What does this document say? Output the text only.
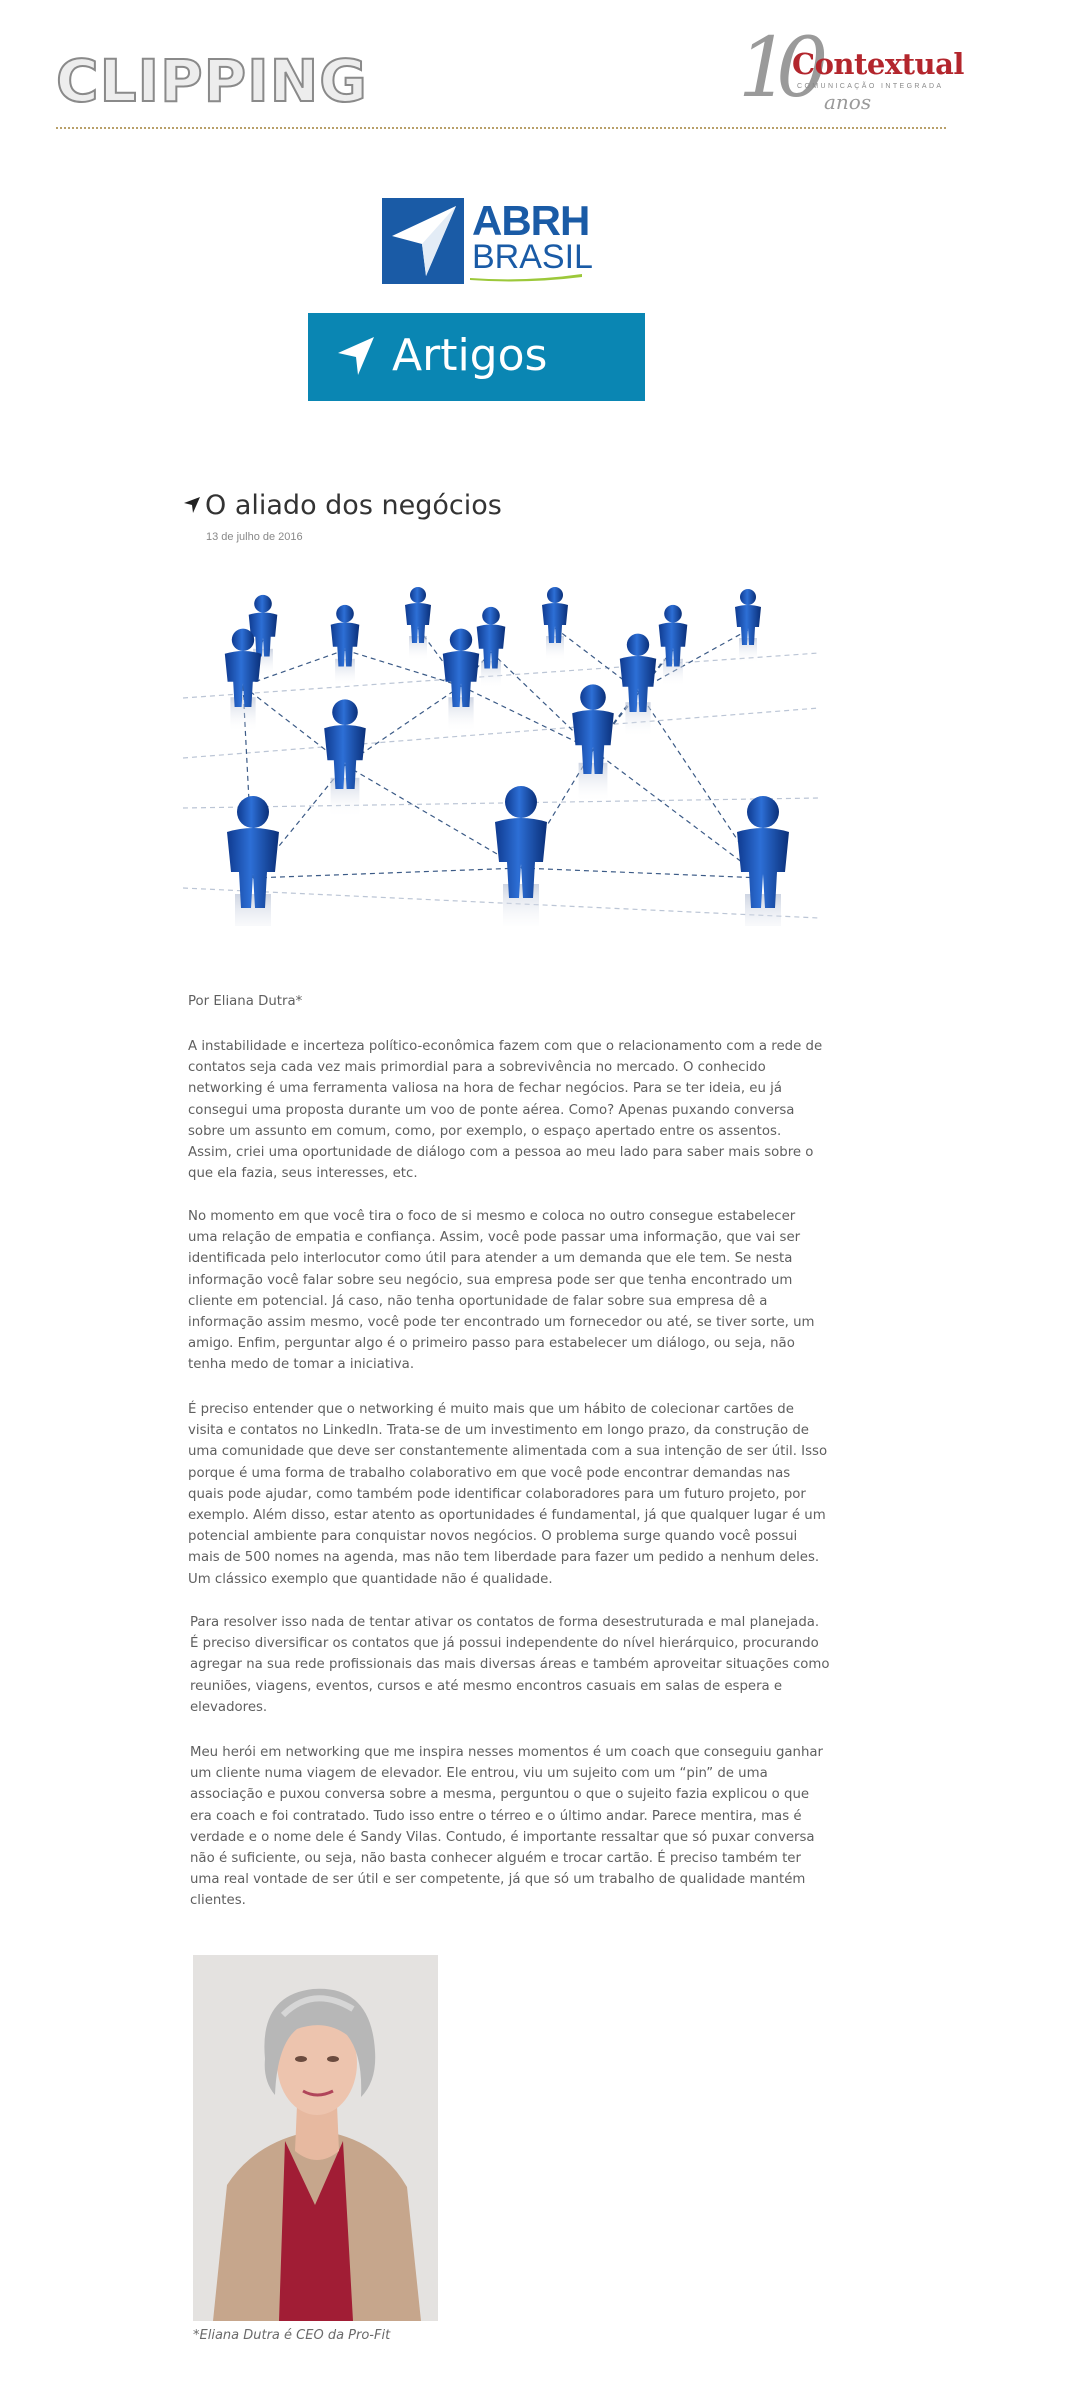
CLIPPING	10
Contextual
COMUNICAÇÃO INTEGRADA
anos
ABRH
BRASIL
Artigos
O aliado dos negócios
13 de julho de 2016

Por Eliana Dutra*

A instabilidade e incerteza político-econômica fazem com que o relacionamento com a rede de contatos seja cada vez mais primordial para a sobrevivência no mercado. O conhecido networking é uma ferramenta valiosa na hora de fechar negócios. Para se ter ideia, eu já consegui uma proposta durante um voo de ponte aérea. Como? Apenas puxando conversa sobre um assunto em comum, como, por exemplo, o espaço apertado entre os assentos. Assim, criei uma oportunidade de diálogo com a pessoa ao meu lado para saber mais sobre o que ela fazia, seus interesses, etc.

No momento em que você tira o foco de si mesmo e coloca no outro consegue estabelecer uma relação de empatia e confiança. Assim, você pode passar uma informação, que vai ser identificada pelo interlocutor como útil para atender a um demanda que ele tem. Se nesta informação você falar sobre seu negócio, sua empresa pode ser que tenha encontrado um cliente em potencial. Já caso, não tenha oportunidade de falar sobre sua empresa dê a informação assim mesmo, você pode ter encontrado um fornecedor ou até, se tiver sorte, um amigo. Enfim, perguntar algo é o primeiro passo para estabelecer um diálogo, ou seja, não tenha medo de tomar a iniciativa.

É preciso entender que o networking é muito mais que um hábito de colecionar cartões de visita e contatos no LinkedIn. Trata-se de um investimento em longo prazo, da construção de uma comunidade que deve ser constantemente alimentada com a sua intenção de ser útil. Isso porque é uma forma de trabalho colaborativo em que você pode encontrar demandas nas quais pode ajudar, como também pode identificar colaboradores para um futuro projeto, por exemplo. Além disso, estar atento as oportunidades é fundamental, já que qualquer lugar é um potencial ambiente para conquistar novos negócios. O problema surge quando você possui mais de 500 nomes na agenda, mas não tem liberdade para fazer um pedido a nenhum deles. Um clássico exemplo que quantidade não é qualidade.

Para resolver isso nada de tentar ativar os contatos de forma desestruturada e mal planejada. É preciso diversificar os contatos que já possui independente do nível hierárquico, procurando agregar na sua rede profissionais das mais diversas áreas e também aproveitar situações como reuniões, viagens, eventos, cursos e até mesmo encontros casuais em salas de espera e elevadores.

Meu herói em networking que me inspira nesses momentos é um coach que conseguiu ganhar um cliente numa viagem de elevador. Ele entrou, viu um sujeito com um “pin” de uma associação e puxou conversa sobre a mesma, perguntou o que o sujeito fazia explicou o que era coach e foi contratado. Tudo isso entre o térreo e o último andar. Parece mentira, mas é verdade e o nome dele é Sandy Vilas. Contudo, é importante ressaltar que só puxar conversa não é suficiente, ou seja, não basta conhecer alguém e trocar cartão. É preciso também ter uma real vontade de ser útil e ser competente, já que só um trabalho de qualidade mantém clientes.

*Eliana Dutra é CEO da Pro-Fit
